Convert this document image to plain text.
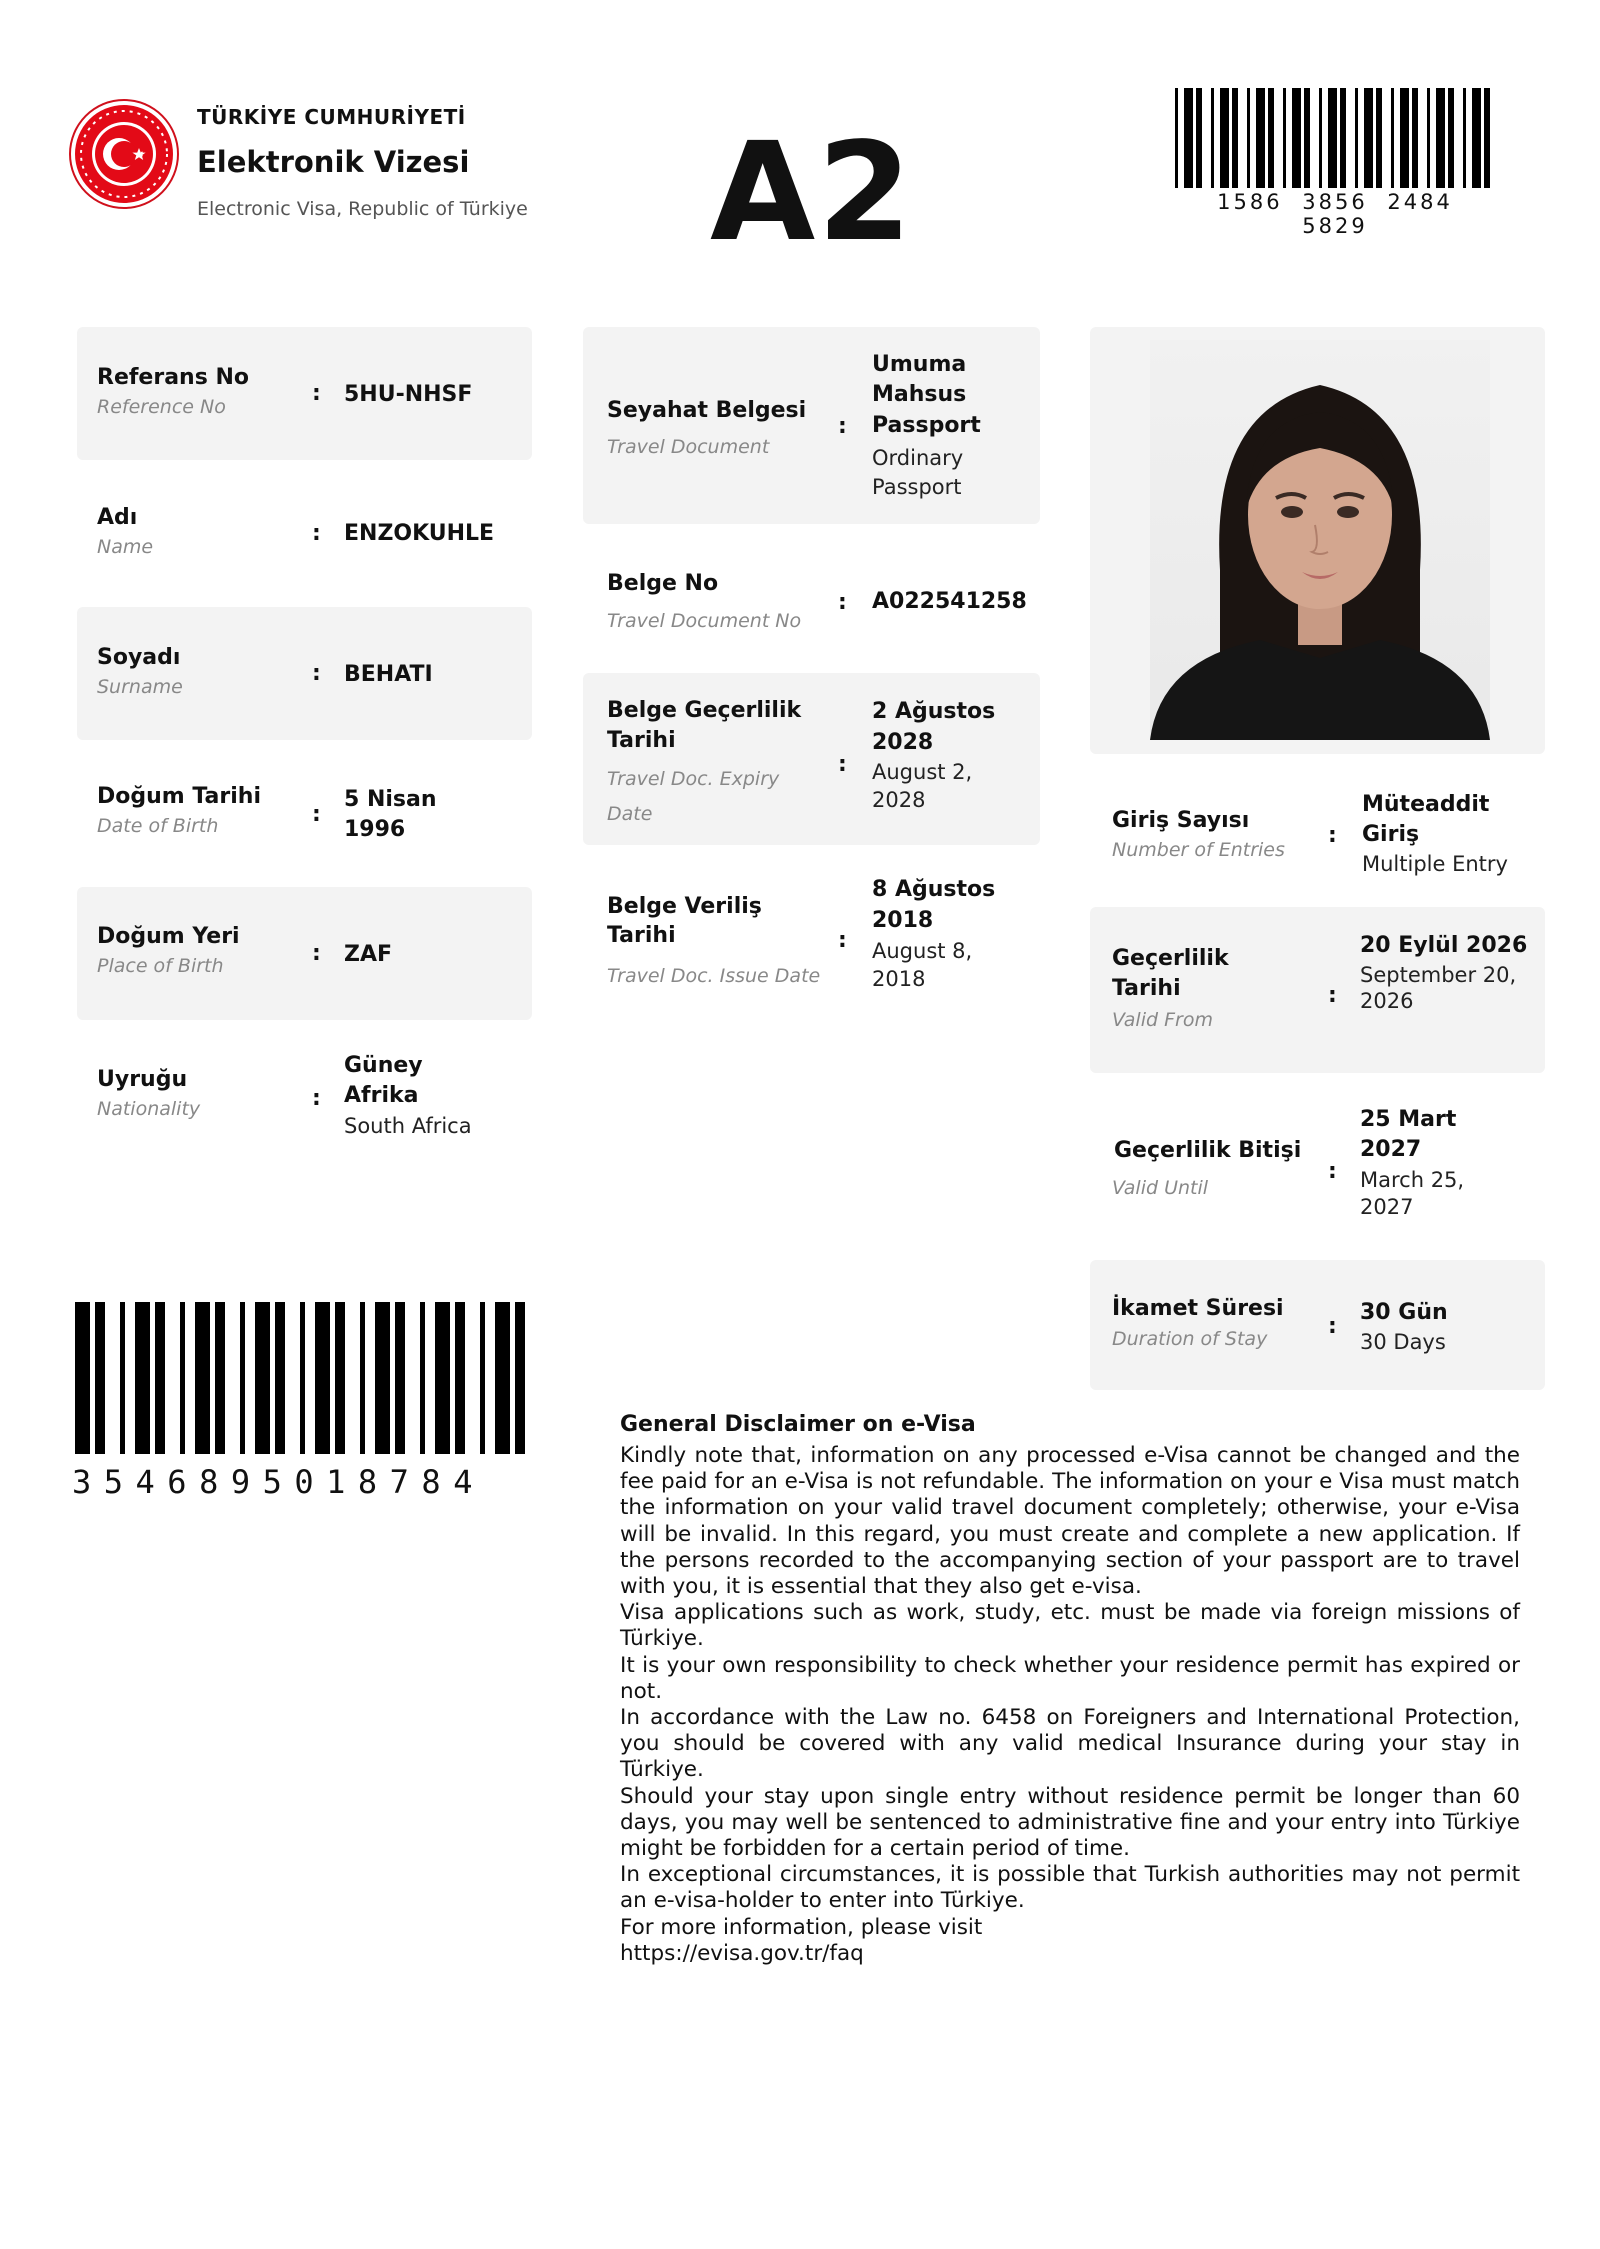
TÜRKİYE CUMHURİYETİ
Elektronik Vizesi
Electronic Visa, Republic of Türkiye A2	1586 3856 2484 5829
Referans No
Reference No
: 5HU-NHSF
Adı
Name
: ENZOKUHLE
Soyadı
Surname
: BEHATI
Doğum Tarihi
Date of Birth	:
5 Nisan
1996
Doğum Yeri
Place of Birth	: ZAF
Uyruğu
Nationality	:
Güney
Afrika
South Africa
Seyahat Belgesi
Travel Document
:
Umuma
Mahsus
Passport
Ordinary
Passport
Belge No
Travel Document No
: A022541258
Belge Geçerlilik
Tarihi
Travel Doc. Expiry
Date
:
2 Ağustos
2028
August 2,
2028
Belge Veriliş
Tarihi
Travel Doc. Issue Date
:
8 Ağustos
2018
August 8,
2018
Giriş Sayısı
Number of Entries
:
Müteaddit
Giriş
Multiple Entry
Geçerlilik
Tarihi
Valid From
:
20 Eylül 2026
September 20,
2026
Geçerlilik Bitişi
Valid Until
:
25 Mart
2027
March 25,
2027
İkamet Süresi
Duration of Stay	:
30 Gün
30 Days
3546895018784
General Disclaimer on e-Visa

Kindly note that, information on any processed e-Visa cannot be changed and the fee paid for an e-Visa is not refundable. The information on your e Visa must match the information on your valid travel document completely; otherwise, your e-Visa will be invalid. In this regard, you must create and complete a new application. If the persons recorded to the accompanying section of your passport are to travel with you, it is essential that they also get e-visa.

Visa applications such as work, study, etc. must be made via foreign missions of Türkiye.

It is your own responsibility to check whether your residence permit has expired or not.

In accordance with the Law no. 6458 on Foreigners and International Protection, you should be covered with any valid medical Insurance during your stay in Türkiye.

Should your stay upon single entry without residence permit be longer than 60 days, you may well be sentenced to administrative fine and your entry into Türkiye might be forbidden for a certain period of time.

In exceptional circumstances, it is possible that Turkish authorities may not permit an e-visa-holder to enter into Türkiye.

For more information, please visit

https://evisa.gov.tr/faq
